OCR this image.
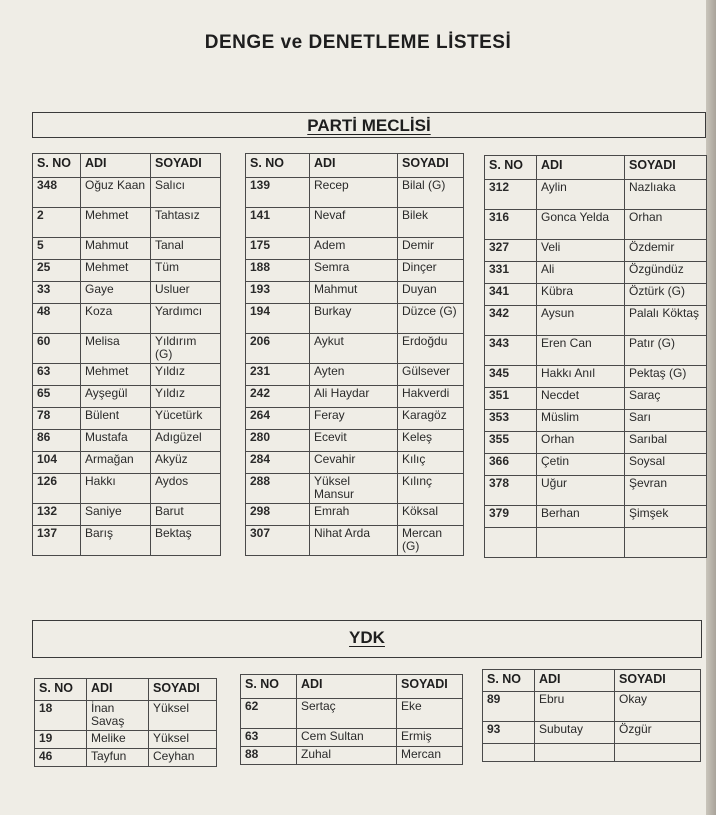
DENGE ve DENETLEME LİSTESİ
PARTİ MECLİSİ
YDK
S. NO	ADI	SOYADI
348	Oğuz Kaan	Salıcı
2	Mehmet	Tahtasız
5	Mahmut	Tanal
25	Mehmet	Tüm
33	Gaye	Usluer
48	Koza	Yardımcı
60	Melisa	Yıldırım (G)
63	Mehmet	Yıldız
65	Ayşegül	Yıldız
78	Bülent	Yücetürk
86	Mustafa	Adıgüzel
104	Armağan	Akyüz
126	Hakkı	Aydos
132	Saniye	Barut
137	Barış	Bektaş
S. NO	ADI	SOYADI
139	Recep	Bilal (G)
141	Nevaf	Bilek
175	Adem	Demir
188	Semra	Dinçer
193	Mahmut	Duyan
194	Burkay	Düzce (G)
206	Aykut	Erdoğdu
231	Ayten	Gülsever
242	Ali Haydar	Hakverdi
264	Feray	Karagöz
280	Ecevit	Keleş
284	Cevahir	Kılıç
288	Yüksel Mansur	Kılınç
298	Emrah	Köksal
307	Nihat Arda	Mercan (G)
S. NO	ADI	SOYADI
312	Aylin	Nazlıaka
316	Gonca Yelda	Orhan
327	Veli	Özdemir
331	Ali	Özgündüz
341	Kübra	Öztürk (G)
342	Aysun	Palalı Köktaş
343	Eren Can	Patır (G)
345	Hakkı Anıl	Pektaş (G)
351	Necdet	Saraç
353	Müslim	Sarı
355	Orhan	Sarıbal
366	Çetin	Soysal
378	Uğur	Şevran
379	Berhan	Şimşek

S. NO	ADI	SOYADI
18	İnan Savaş	Yüksel
19	Melike	Yüksel
46	Tayfun	Ceyhan
S. NO	ADI	SOYADI
62	Sertaç	Eke
63	Cem Sultan	Ermiş
88	Zuhal	Mercan
S. NO	ADI	SOYADI
89	Ebru	Okay
93	Subutay	Özgür
